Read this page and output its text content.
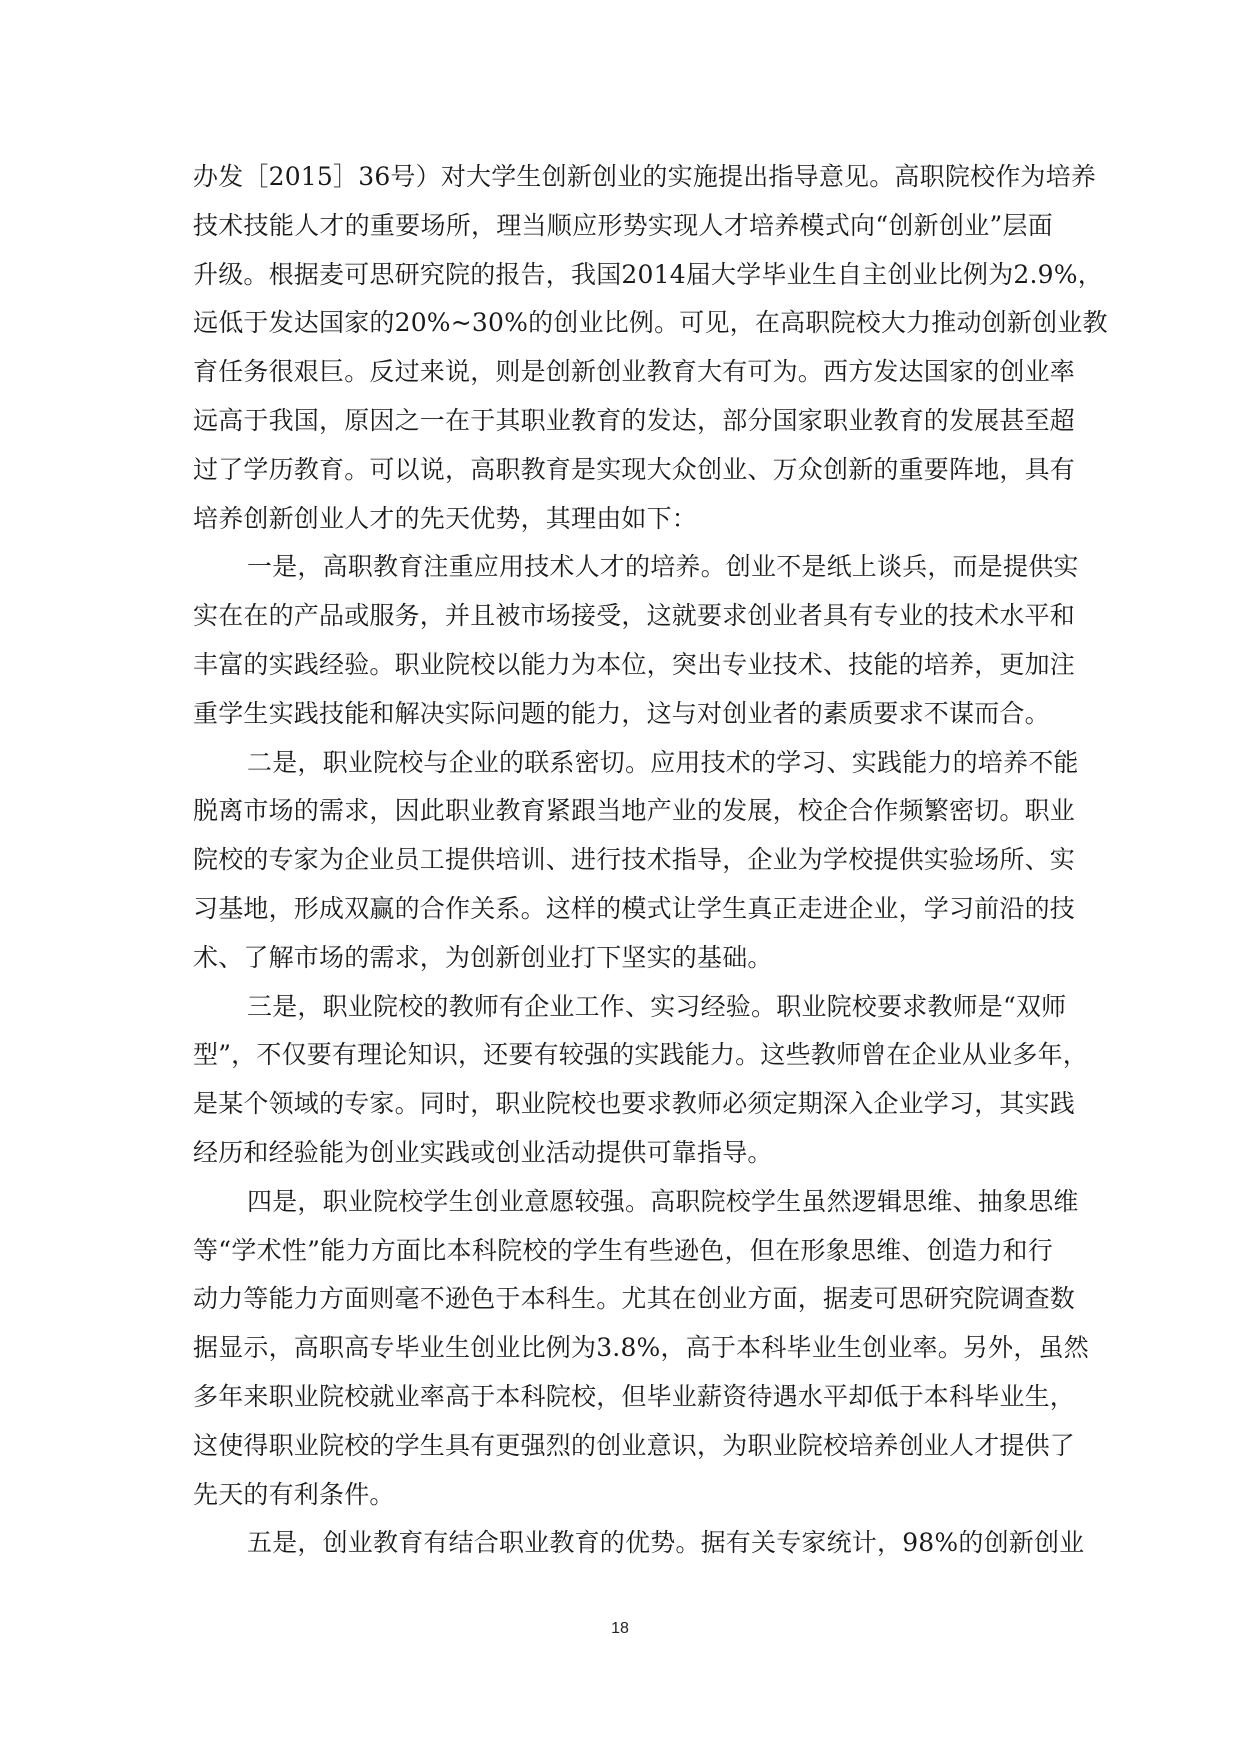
办发［2015］36号）对大学生创新创业的实施提出指导意见。高职院校作为培养
技术技能人才的重要场所，理当顺应形势实现人才培养模式向“创新创业”层面
升级。根据麦可思研究院的报告，我国2014届大学毕业生自主创业比例为2.9%，
远低于发达国家的20%~30%的创业比例。可见，在高职院校大力推动创新创业教
育任务很艰巨。反过来说，则是创新创业教育大有可为。西方发达国家的创业率
远高于我国，原因之一在于其职业教育的发达，部分国家职业教育的发展甚至超
过了学历教育。可以说，高职教育是实现大众创业、万众创新的重要阵地，具有
培养创新创业人才的先天优势，其理由如下：
一是，高职教育注重应用技术人才的培养。创业不是纸上谈兵，而是提供实
实在在的产品或服务，并且被市场接受，这就要求创业者具有专业的技术水平和
丰富的实践经验。职业院校以能力为本位，突出专业技术、技能的培养，更加注
重学生实践技能和解决实际问题的能力，这与对创业者的素质要求不谋而合。
二是，职业院校与企业的联系密切。应用技术的学习、实践能力的培养不能
脱离市场的需求，因此职业教育紧跟当地产业的发展，校企合作频繁密切。职业
院校的专家为企业员工提供培训、进行技术指导，企业为学校提供实验场所、实
习基地，形成双赢的合作关系。这样的模式让学生真正走进企业，学习前沿的技
术、了解市场的需求，为创新创业打下坚实的基础。
三是，职业院校的教师有企业工作、实习经验。职业院校要求教师是“双师
型”，不仅要有理论知识，还要有较强的实践能力。这些教师曾在企业从业多年，
是某个领域的专家。同时，职业院校也要求教师必须定期深入企业学习，其实践
经历和经验能为创业实践或创业活动提供可靠指导。
四是，职业院校学生创业意愿较强。高职院校学生虽然逻辑思维、抽象思维
等“学术性”能力方面比本科院校的学生有些逊色，但在形象思维、创造力和行
动力等能力方面则毫不逊色于本科生。尤其在创业方面，据麦可思研究院调查数
据显示，高职高专毕业生创业比例为3.8%，高于本科毕业生创业率。另外，虽然
多年来职业院校就业率高于本科院校，但毕业薪资待遇水平却低于本科毕业生，
这使得职业院校的学生具有更强烈的创业意识，为职业院校培养创业人才提供了
先天的有利条件。
五是，创业教育有结合职业教育的优势。据有关专家统计，98%的创新创业
18
